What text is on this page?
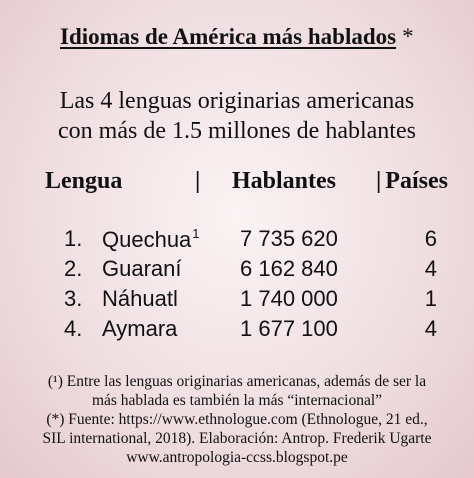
Idiomas de América más hablados *
Las 4 lenguas originarias americanas
con más de 1.5 millones de hablantes
Lengua	| Hablantes | Países
1. Quechua$^1$ 7 735 620	6
2. Guaraní	6 162 840	4
3. Náhuatl	1 740 000	1
4. Aymara	1 677 100	4
(¹) Entre las lenguas originarias americanas, además de ser la
más hablada es también la más “internacional”
(*) Fuente: https://www.ethnologue.com (Ethnologue, 21 ed.,
SIL international, 2018). Elaboración: Antrop. Frederik Ugarte
www.antropologia-ccss.blogspot.pe
